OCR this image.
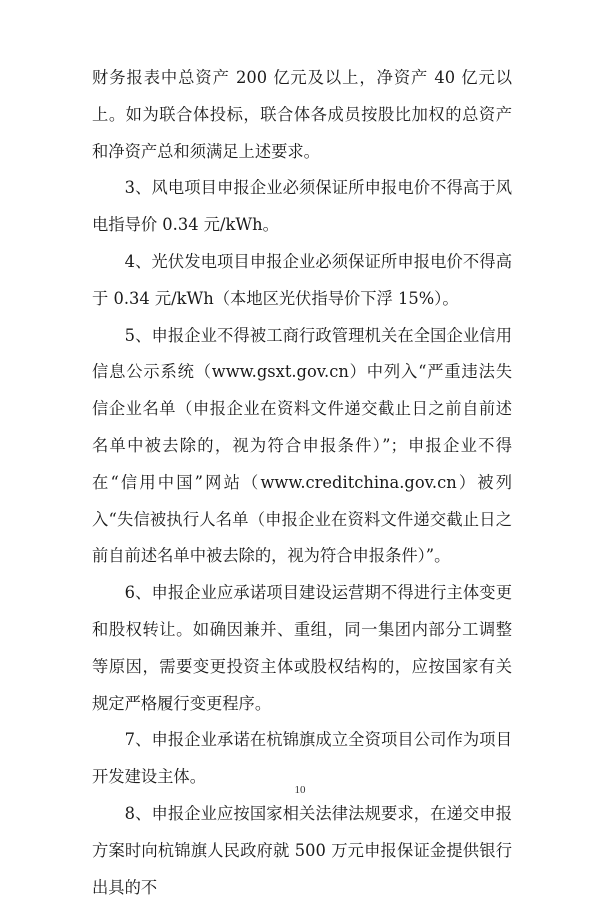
财务报表中总资产 200 亿元及以上，净资产 40 亿元以上。如为联合体投标，联合体各成员按股比加权的总资产和净资产总和须满足上述要求。

3、风电项目申报企业必须保证所申报电价不得高于风电指导价 0.34 元/kWh。

4、光伏发电项目申报企业必须保证所申报电价不得高于 0.34 元/kWh（本地区光伏指导价下浮 15%）。

5、申报企业不得被工商行政管理机关在全国企业信用信息公示系统（www.gsxt.gov.cn）中列入“严重违法失信企业名单（申报企业在资料文件递交截止日之前自前述名单中被去除的，视为符合申报条件）”；申报企业不得在“信用中国”网站（www.creditchina.gov.cn）被列入“失信被执行人名单（申报企业在资料文件递交截止日之前自前述名单中被去除的，视为符合申报条件）”。

6、申报企业应承诺项目建设运营期不得进行主体变更和股权转让。如确因兼并、重组，同一集团内部分工调整等原因，需要变更投资主体或股权结构的，应按国家有关规定严格履行变更程序。

7、申报企业承诺在杭锦旗成立全资项目公司作为项目开发建设主体。

8、申报企业应按国家相关法律法规要求，在递交申报方案时向杭锦旗人民政府就 500 万元申报保证金提供银行出具的不

10
